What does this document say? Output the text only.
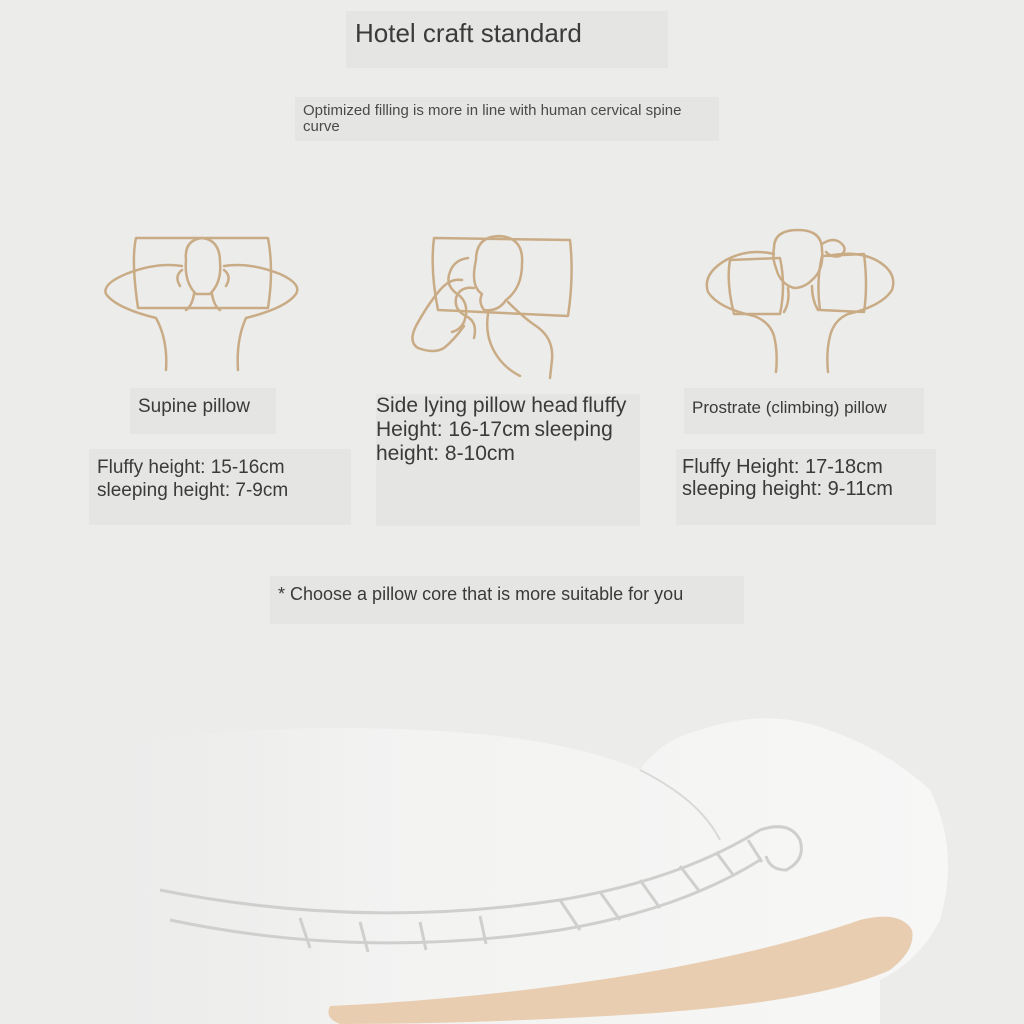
Hotel craft standard
Optimized filling is more in line with human cervical spine curve
Supine pillow
Fluffy height: 15-16cm
sleeping height: 7-9cm
Side lying pillow head fluffy Height: 16-17cm sleeping height: 8-10cm
Prostrate (climbing) pillow
Fluffy Height: 17-18cm
sleeping height: 9-11cm
* Choose a pillow core that is more suitable for you
